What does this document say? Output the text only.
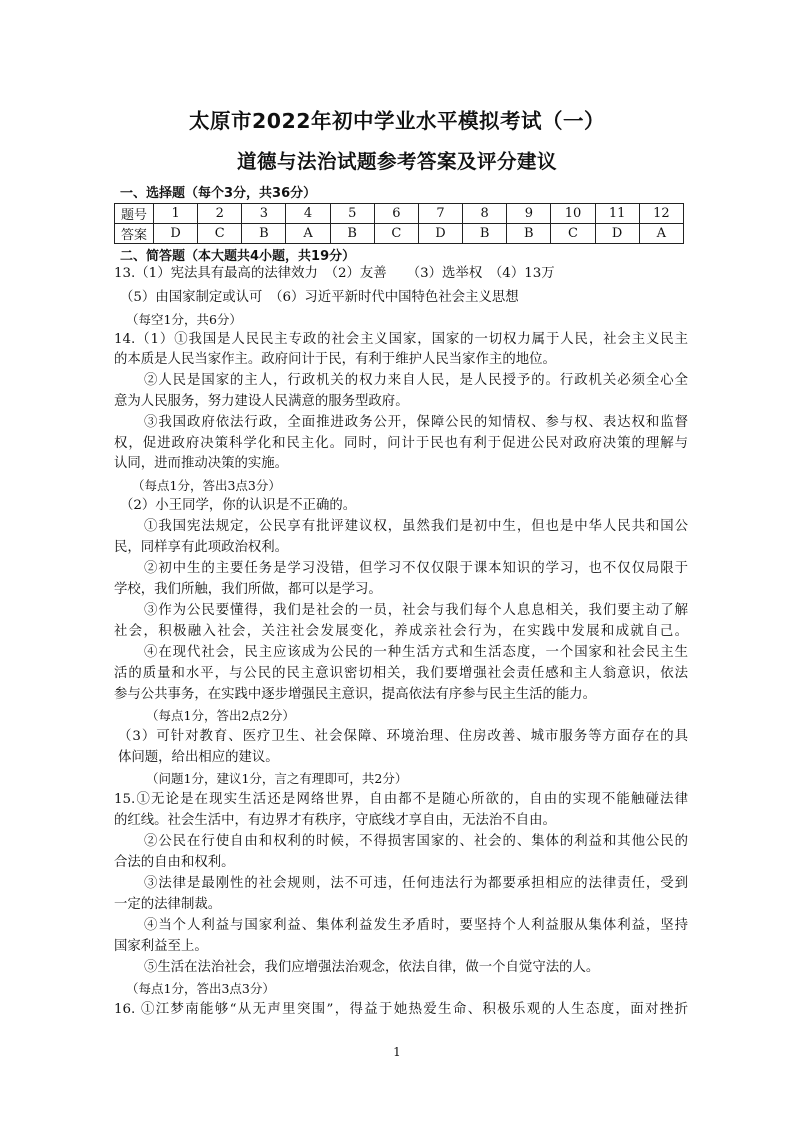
太原市2022年初中学业水平模拟考试（一）
道德与法治试题参考答案及评分建议
一、选择题（每个3分，共36分）
题号	1	2	3	4	5	6	7	8	9	10	11	12
答案	D	C	B	A	B	C	D	B	B	C	D	A
二、简答题（本大题共4小题，共19分）
13.（1）宪法具有最高的法律效力　（2）友善　　（3）选举权　（4）13万
（5）由国家制定或认可　（6）习近平新时代中国特色社会主义思想
（每空1分，共6分）
14.（1）①我国是人民民主专政的社会主义国家，国家的一切权力属于人民，社会主义民主
的本质是人民当家作主。政府问计于民，有利于维护人民当家作主的地位。
②人民是国家的主人，行政机关的权力来自人民，是人民授予的。行政机关必须全心全
意为人民服务，努力建设人民满意的服务型政府。
③我国政府依法行政，全面推进政务公开，保障公民的知情权、参与权、表达权和监督
权，促进政府决策科学化和民主化。同时，问计于民也有利于促进公民对政府决策的理解与
认同，进而推动决策的实施。
（每点1分，答出3点3分）
（2）小王同学，你的认识是不正确的。
①我国宪法规定，公民享有批评建议权，虽然我们是初中生，但也是中华人民共和国公
民，同样享有此项政治权利。
②初中生的主要任务是学习没错，但学习不仅仅限于课本知识的学习，也不仅仅局限于
学校，我们所触，我们所做，都可以是学习。
③作为公民要懂得，我们是社会的一员，社会与我们每个人息息相关，我们要主动了解
社会，积极融入社会，关注社会发展变化，养成亲社会行为，在实践中发展和成就自己。
④在现代社会，民主应该成为公民的一种生活方式和生活态度，一个国家和社会民主生
活的质量和水平，与公民的民主意识密切相关，我们要增强社会责任感和主人翁意识，依法
参与公共事务，在实践中逐步增强民主意识，提高依法有序参与民主生活的能力。
（每点1分，答出2点2分）
（3）可针对教育、医疗卫生、社会保障、环境治理、住房改善、城市服务等方面存在的具
体问题，给出相应的建议。
（问题1分，建议1分，言之有理即可，共2分）
15.①无论是在现实生活还是网络世界，自由都不是随心所欲的，自由的实现不能触碰法律
的红线。社会生活中，有边界才有秩序，守底线才享自由，无法治不自由。
②公民在行使自由和权利的时候，不得损害国家的、社会的、集体的利益和其他公民的
合法的自由和权利。
③法律是最刚性的社会规则，法不可违，任何违法行为都要承担相应的法律责任，受到
一定的法律制裁。
④当个人利益与国家利益、集体利益发生矛盾时，要坚持个人利益服从集体利益，坚持
国家利益至上。
⑤生活在法治社会，我们应增强法治观念，依法自律，做一个自觉守法的人。
（每点1分，答出3点3分）
16. ①江梦南能够“从无声里突围”，得益于她热爱生命、积极乐观的人生态度，面对挫折
1
